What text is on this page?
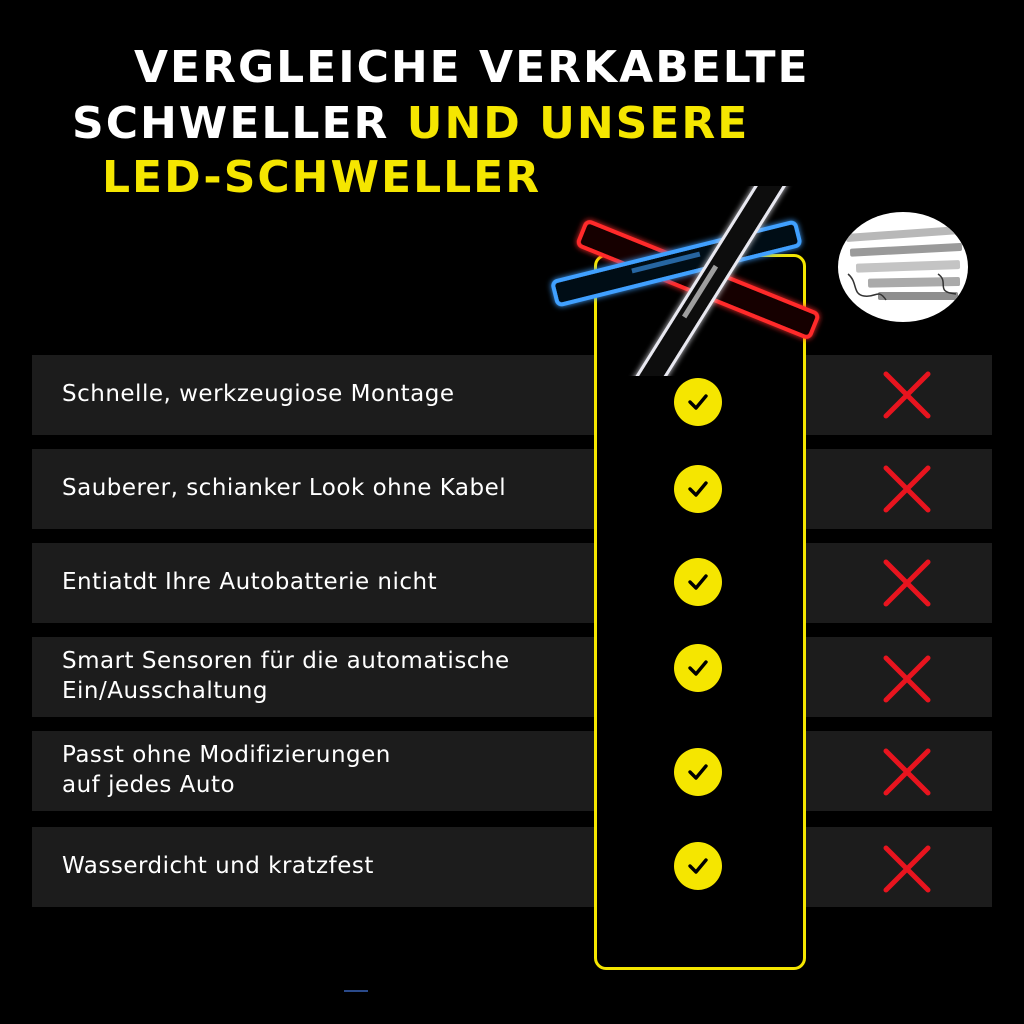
VERGLEICHE VERKABELTE
SCHWELLER UND UNSERE
LED-SCHWELLER
Schnelle, werkzeugiose Montage
Sauberer, schianker Look ohne Kabel
Entiatdt Ihre Autobatterie nicht
Smart Sensoren für die automatische
Ein/Ausschaltung
Passt ohne Modifizierungen
auf jedes Auto
Wasserdicht und kratzfest
